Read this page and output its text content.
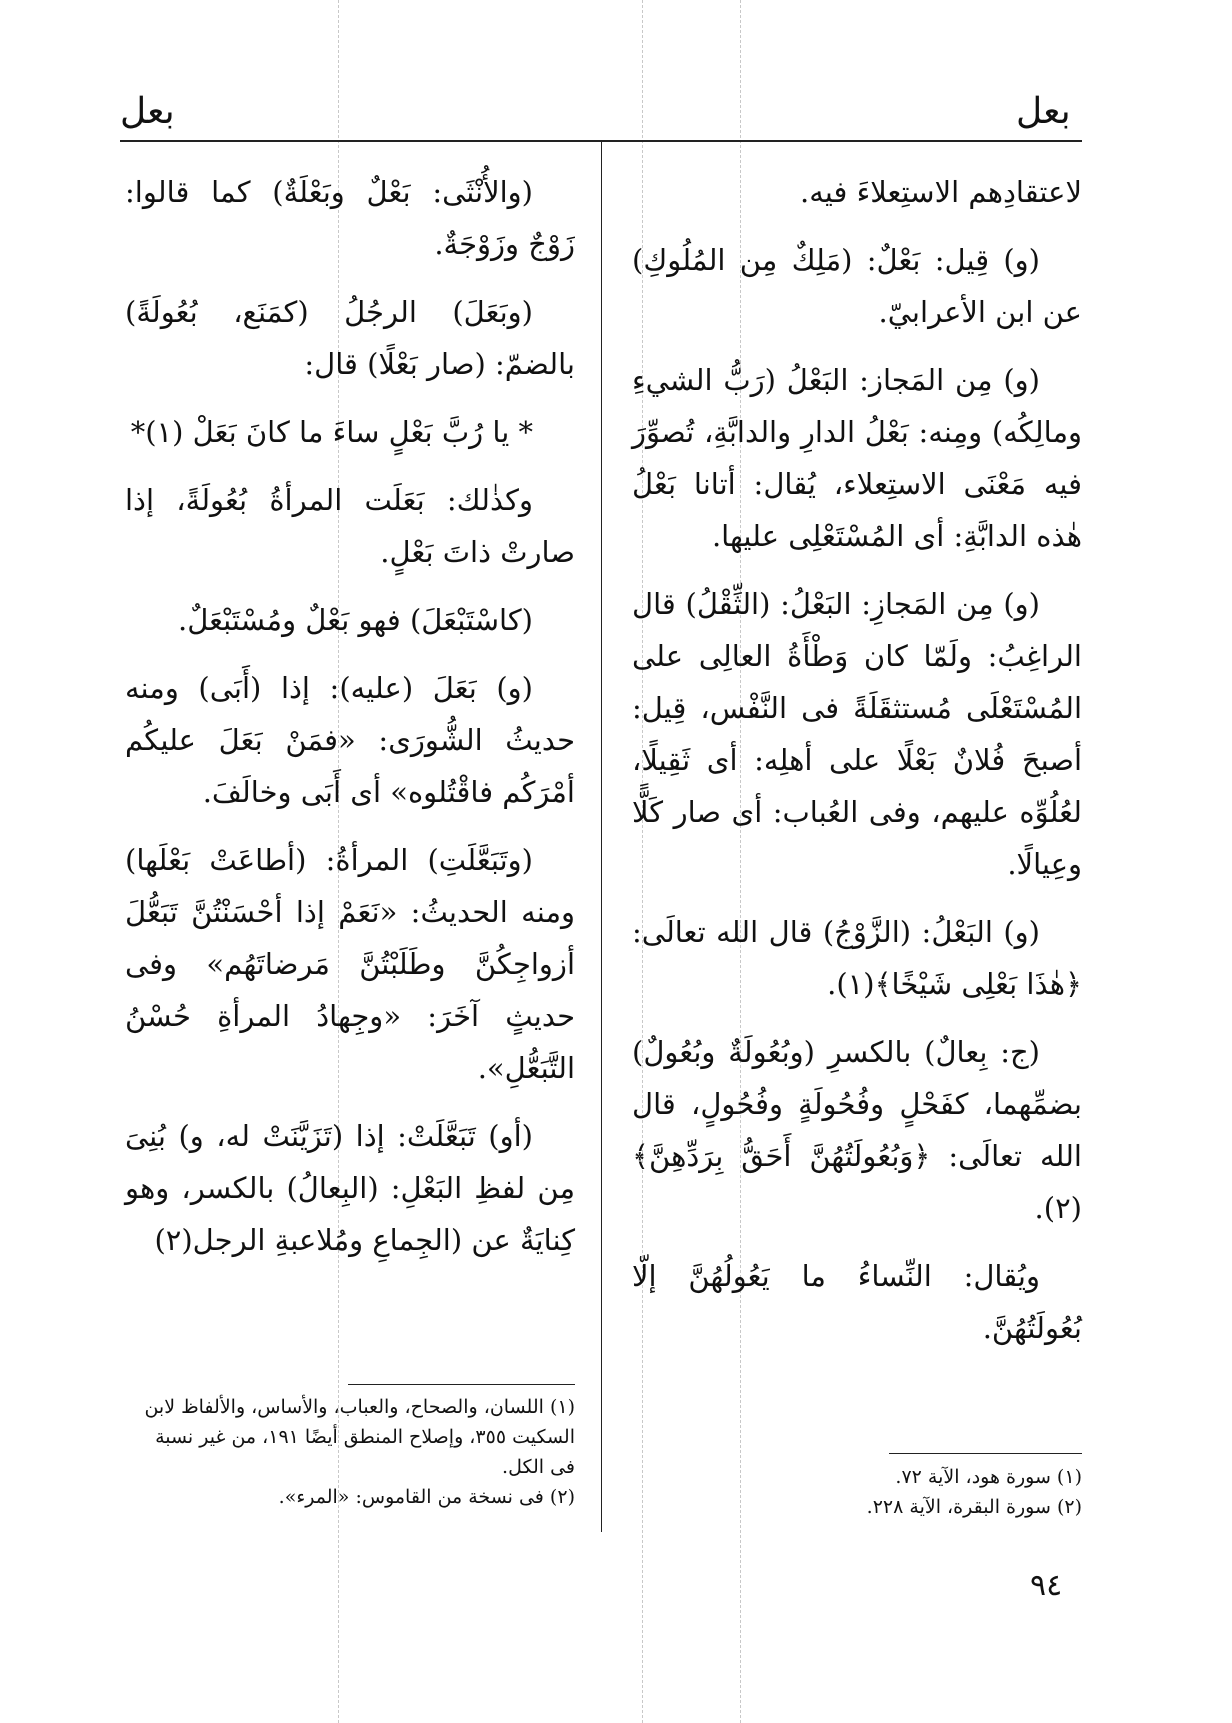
بعل
بعل

لاعتقادِهم الاستِعلاءَ فيه.

(و) قِيل: بَعْلٌ: (مَلِكٌ مِن المُلُوكِ) عن ابن الأعرابيّ.

(و) مِن المَجاز: البَعْلُ (رَبُّ الشيءِ ومالِكُه) ومِنه: بَعْلُ الدارِ والدابَّةِ، تُصوِّرَ فيه مَعْنَى الاستِعلاء، يُقال: أتانا بَعْلُ هٰذه الدابَّةِ: أى المُسْتَعْلِى عليها.

(و) مِن المَجازِ: البَعْلُ: (الثِّقْلُ) قال الراغِبُ: ولَمّا كان وَطْأَةُ العالِى على المُسْتَعْلَى مُستثقَلَةً فى النَّفْس، قِيل: أصبحَ فُلانٌ بَعْلًا على أهلِه: أى ثَقِيلًا، لعُلُوِّه عليهم، وفى العُباب: أى صار كَلًّا وعِيالًا.

(و) البَعْلُ: (الزَّوْجُ) قال الله تعالَى: ﴿هٰذَا بَعْلِى شَيْخًا﴾(١).

(ج: بِعالٌ) بالكسرِ (وبُعُولَةٌ وبُعُولٌ) بضمِّهما، كفَحْلٍ وفُحُولَةٍ وفُحُولٍ، قال الله تعالَى: ﴿وَبُعُولَتُهُنَّ أَحَقُّ بِرَدِّهِنَّ﴾(٢).

ويُقال: النِّساءُ ما يَعُولُهُنَّ إلّا بُعُولَتُهُنَّ.

(والأُنْثَى: بَعْلٌ وبَعْلَةٌ) كما قالوا: زَوْجٌ وزَوْجَةٌ.

(وبَعَلَ) الرجُلُ (كمَنَع، بُعُولَةً) بالضمّ: (صار بَعْلًا) قال:

* يا رُبَّ بَعْلٍ ساءَ ما كانَ بَعَلْ (١)*

وكذٰلك: بَعَلَت المرأةُ بُعُولَةً، إذا صارتْ ذاتَ بَعْلٍ.

(كاسْتَبْعَلَ) فهو بَعْلٌ ومُسْتَبْعَلٌ.

(و) بَعَلَ (عليه): إذا (أَبَى) ومنه حديثُ الشُّورَى: «فمَنْ بَعَلَ عليكُم أمْرَكُم فاقْتُلوه» أى أَبَى وخالَفَ.

(وتَبَعَّلَتِ) المرأةُ: (أطاعَتْ بَعْلَها) ومنه الحديثُ: «نَعَمْ إذا أحْسَنْتُنَّ تَبَعُّلَ أزواجِكُنَّ وطَلَبْتُنَّ مَرضاتَهُم» وفى حديثٍ آخَرَ: «وجِهادُ المرأةِ حُسْنُ التَّبَعُّلِ».

(أو) تَبَعَّلَتْ: إذا (تَزَيَّنَتْ له، و) بُنِىَ مِن لفظِ البَعْلِ: (البِعالُ) بالكسر، وهو كِنايَةٌ عن (الجِماعِ ومُلاعبةِ الرجل(٢)

(١) سورة هود، الآية ٧٢.

(٢) سورة البقرة، الآية ٢٢٨.

(١) اللسان، والصحاح، والعباب، والأساس، والألفاظ لابن السكيت ٣٥٥، وإصلاح المنطق أيضًا ١٩١، من غير نسبة فى الكل.

(٢) فى نسخة من القاموس: «المرء».

٩٤
